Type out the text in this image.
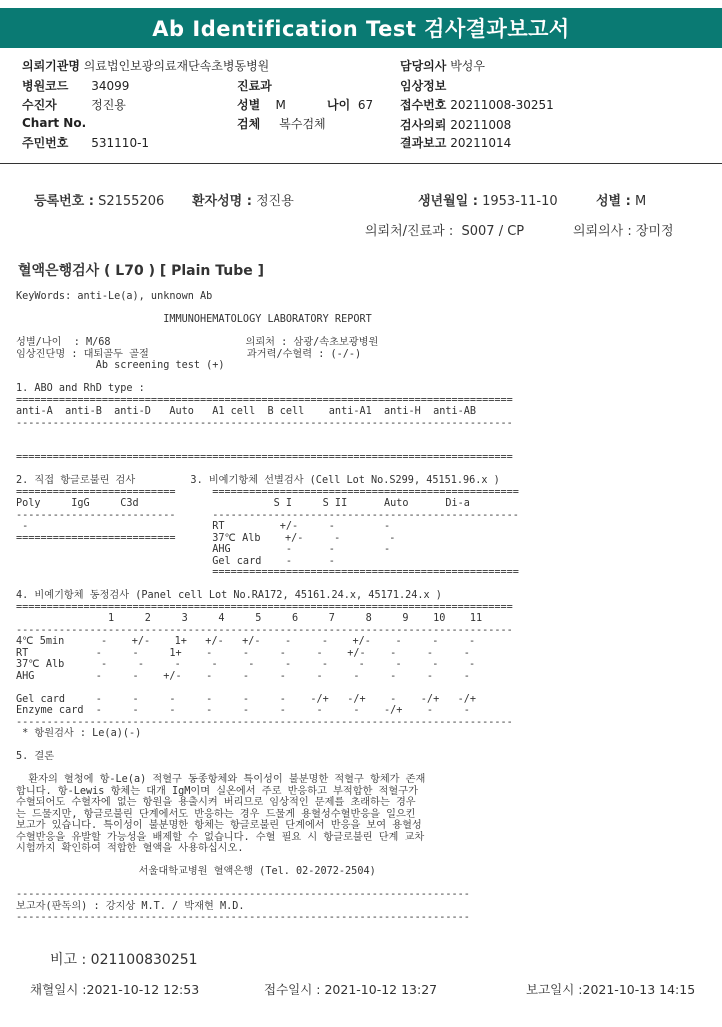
Ab Identification Test 검사결과보고서
의뢰기관명 의료법인보광의료재단속초병동병원	담당의사 박성우
병원코드 34099	진료과	임상정보
수진자	정진용	성별 M	나이 67 접수번호 20211008-30251
Chart No.	검체 복수검체	검사의뢰 20211008
주민번호 531110-1	결과보고 20211014
등록번호 : S2155206 환자성명 : 정진용	생년월일 : 1953-11-10	성별 : M
의뢰처/진료과 : S007 / CP	의뢰의사 : 장미정
혈액은행검사 ( L70 ) [ Plain Tube ]
KeyWords: anti-Le(a), unknown Ab
IMMUNOHEMATOLOGY LABORATORY REPORT
성별/나이  : M/68                      의뢰처 : 삼광/속초보광병원
임상진단명 : 대퇴골두 골절                과거력/수혈력 : (-/-)
Ab screening test (+)
1. ABO and RhD type :
=================================================================================
anti-A  anti-B  anti-D   Auto   A1 cell  B cell    anti-A1  anti-H  anti-AB
---------------------------------------------------------------------------------
=================================================================================
2. 직접 항글로불린 검사         3. 비예기항체 선별검사 (Cell Lot No.S299, 45151.96.x )
==========================      ==================================================
Poly     IgG     C3d                      S I     S II      Auto      Di-a
--------------------------      --------------------------------------------------
-                              RT         +/-     -        -
==========================      37℃ Alb    +/-     -        -
AHG         -      -        -
Gel card    -      -
==================================================
4. 비예기항체 동정검사 (Panel cell Lot No.RA172, 45161.24.x, 45171.24.x )
=================================================================================
1     2     3     4     5     6     7     8     9    10    11
---------------------------------------------------------------------------------
4℃ 5min      -    +/-    1+   +/-   +/-    -     -    +/-    -     -     -
RT           -     -     1+    -     -     -     -    +/-    -     -     -
37℃ Alb      -     -     -     -     -     -     -     -     -     -     -
AHG          -     -    +/-    -     -     -     -     -     -     -     -
Gel card     -     -     -     -     -     -    -/+   -/+    -    -/+   -/+
Enzyme card  -     -     -     -     -     -     -     -    -/+    -     -
---------------------------------------------------------------------------------
* 항원검사 : Le(a)(-)
5. 결론
환자의 혈청에 항-Le(a) 적혈구 동종항체와 특이성이 불분명한 적혈구 항체가 존재
합니다. 항-Lewis 항체는 대개 IgM이며 실온에서 주로 반응하고 부적합한 적혈구가
수혈되어도 수혈자에 없는 항원을 용출시켜 버리므로 임상적인 문제를 초래하는 경우
는 드물지만, 항글로불린 단계에서도 반응하는 경우 드물게 용혈성수혈반응을 일으킨
보고가 있습니다. 특이성이 불분명한 항체는 항글로불린 단계에서 반응을 보여 용혈성
수혈반응을 유발할 가능성을 배제할 수 없습니다. 수혈 필요 시 항글로불린 단계 교차
시험까지 확인하여 적합한 혈액을 사용하십시오.
서울대학교병원 혈액은행 (Tel. 02-2072-2504)
--------------------------------------------------------------------------
보고자(판독의) : 강지상 M.T. / 박재현 M.D.
--------------------------------------------------------------------------
비고 : 021100830251
채혈일시 :2021-10-12 12:53	접수일시 : 2021-10-12 13:27	보고일시 :2021-10-13 14:15
